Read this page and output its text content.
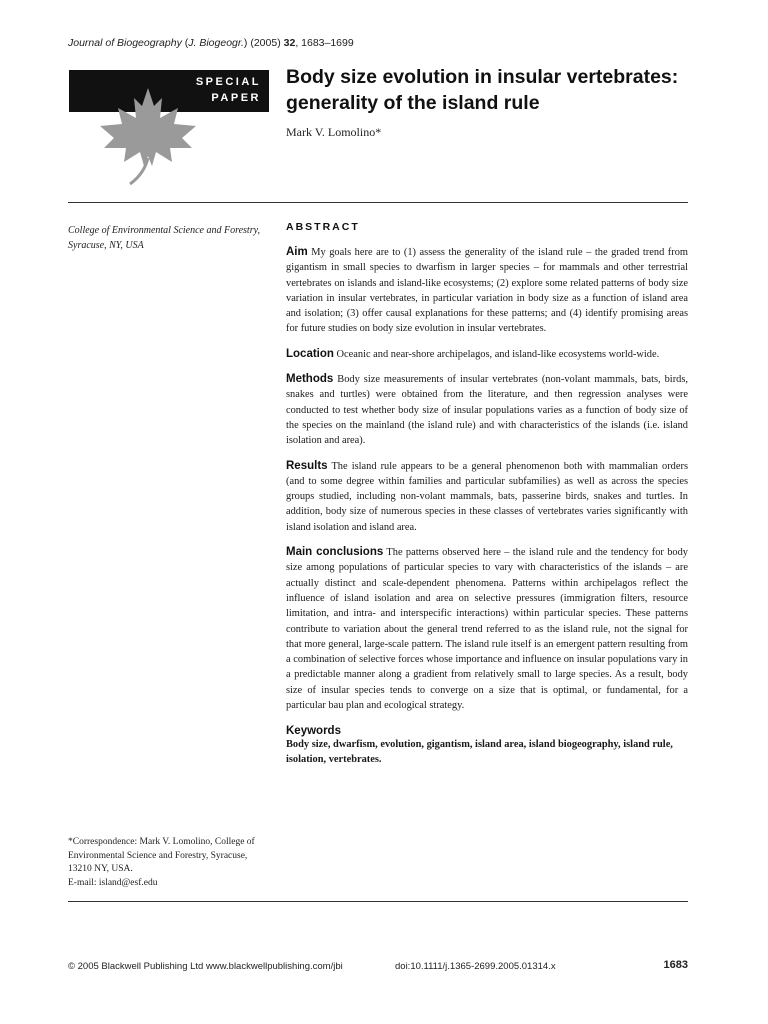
Journal of Biogeography (J. Biogeogr.) (2005) 32, 1683–1699
SPECIAL
PAPER
Body size evolution in insular vertebrates: generality of the island rule
Mark V. Lomolino*
College of Environmental Science and Forestry, Syracuse, NY, USA
ABSTRACT

Aim My goals here are to (1) assess the generality of the island rule – the graded trend from gigantism in small species to dwarfism in larger species – for mammals and other terrestrial vertebrates on islands and island-like ecosystems; (2) explore some related patterns of body size variation in insular vertebrates, in particular variation in body size as a function of island area and isolation; (3) offer causal explanations for these patterns; and (4) identify promising areas for future studies on body size evolution in insular vertebrates.

Location Oceanic and near-shore archipelagos, and island-like ecosystems world-wide.

Methods Body size measurements of insular vertebrates (non-volant mammals, bats, birds, snakes and turtles) were obtained from the literature, and then regression analyses were conducted to test whether body size of insular populations varies as a function of body size of the species on the mainland (the island rule) and with characteristics of the islands (i.e. island isolation and area).

Results The island rule appears to be a general phenomenon both with mammalian orders (and to some degree within families and particular subfamilies) as well as across the species groups studied, including non-volant mammals, bats, passerine birds, snakes and turtles. In addition, body size of numerous species in these classes of vertebrates varies significantly with island isolation and island area.

Main conclusions The patterns observed here – the island rule and the tendency for body size among populations of particular species to vary with characteristics of the islands – are actually distinct and scale-dependent phenomena. Patterns within archipelagos reflect the influence of island isolation and area on selective pressures (immigration filters, resource limitation, and intra- and interspecific interactions) within particular species. These patterns contribute to variation about the general trend referred to as the island rule, not the signal for that more general, large-scale pattern. The island rule itself is an emergent pattern resulting from a combination of selective forces whose importance and influence on insular populations vary in a predictable manner along a gradient from relatively small to large species. As a result, body size of insular species tends to converge on a size that is optimal, or fundamental, for a particular bau plan and ecological strategy.

Keywords
Body size, dwarfism, evolution, gigantism, island area, island biogeography, island rule, isolation, vertebrates.
*Correspondence: Mark V. Lomolino, College of Environmental Science and Forestry, Syracuse, 13210 NY, USA.
E-mail: island@esf.edu
© 2005 Blackwell Publishing Ltd www.blackwellpublishing.com/jbi	doi:10.1111/j.1365-2699.2005.01314.x	1683
